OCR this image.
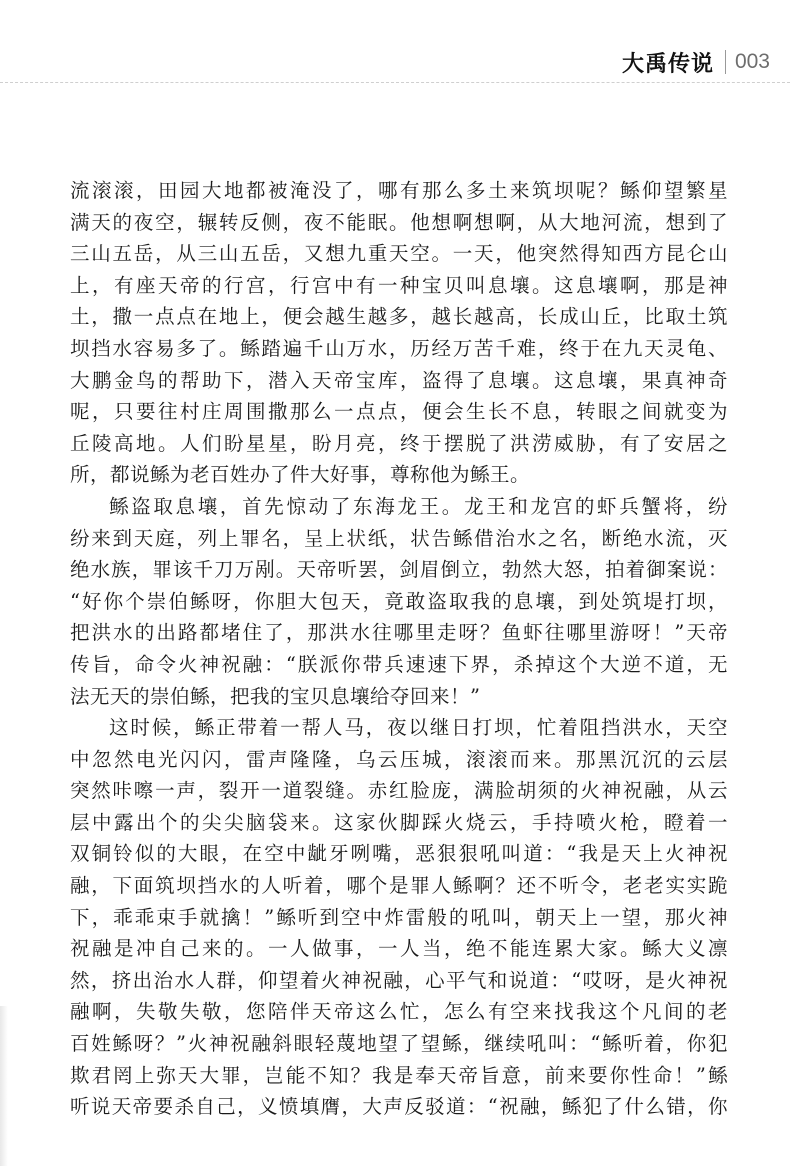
大禹传说 003
流滚滚，田园大地都被淹没了，哪有那么多土来筑坝呢？鲧仰望繁星
满天的夜空，辗转反侧，夜不能眠。他想啊想啊，从大地河流，想到了
三山五岳，从三山五岳，又想九重天空。一天，他突然得知西方昆仑山
上，有座天帝的行宫，行宫中有一种宝贝叫息壤。这息壤啊，那是神
土，撒一点点在地上，便会越生越多，越长越高，长成山丘，比取土筑
坝挡水容易多了。鲧踏遍千山万水，历经万苦千难，终于在九天灵龟、
大鹏金鸟的帮助下，潜入天帝宝库，盗得了息壤。这息壤，果真神奇
呢，只要往村庄周围撒那么一点点，便会生长不息，转眼之间就变为
丘陵高地。人们盼星星，盼月亮，终于摆脱了洪涝威胁，有了安居之
所，都说鲧为老百姓办了件大好事，尊称他为鲧王。
鲧盗取息壤，首先惊动了东海龙王。龙王和龙宫的虾兵蟹将，纷
纷来到天庭，列上罪名，呈上状纸，状告鲧借治水之名，断绝水流，灭
绝水族，罪该千刀万剐。天帝听罢，剑眉倒立，勃然大怒，拍着御案说：
“好你个崇伯鲧呀，你胆大包天，竟敢盗取我的息壤，到处筑堤打坝，
把洪水的出路都堵住了，那洪水往哪里走呀？鱼虾往哪里游呀！”天帝
传旨，命令火神祝融：“朕派你带兵速速下界，杀掉这个大逆不道，无
法无天的崇伯鲧，把我的宝贝息壤给夺回来！”
这时候，鲧正带着一帮人马，夜以继日打坝，忙着阻挡洪水，天空
中忽然电光闪闪，雷声隆隆，乌云压城，滚滚而来。那黑沉沉的云层
突然咔嚓一声，裂开一道裂缝。赤红脸庞，满脸胡须的火神祝融，从云
层中露出个的尖尖脑袋来。这家伙脚踩火烧云，手持喷火枪，瞪着一
双铜铃似的大眼，在空中龇牙咧嘴，恶狠狠吼叫道：“我是天上火神祝
融，下面筑坝挡水的人听着，哪个是罪人鲧啊？还不听令，老老实实跪
下，乖乖束手就擒！”鲧听到空中炸雷般的吼叫，朝天上一望，那火神
祝融是冲自己来的。一人做事，一人当，绝不能连累大家。鲧大义凛
然，挤出治水人群，仰望着火神祝融，心平气和说道：“哎呀，是火神祝
融啊，失敬失敬，您陪伴天帝这么忙，怎么有空来找我这个凡间的老
百姓鲧呀？”火神祝融斜眼轻蔑地望了望鲧，继续吼叫：“鲧听着，你犯
欺君罔上弥天大罪，岂能不知？我是奉天帝旨意，前来要你性命！”鲧
听说天帝要杀自己，义愤填膺，大声反驳道：“祝融，鲧犯了什么错，你
